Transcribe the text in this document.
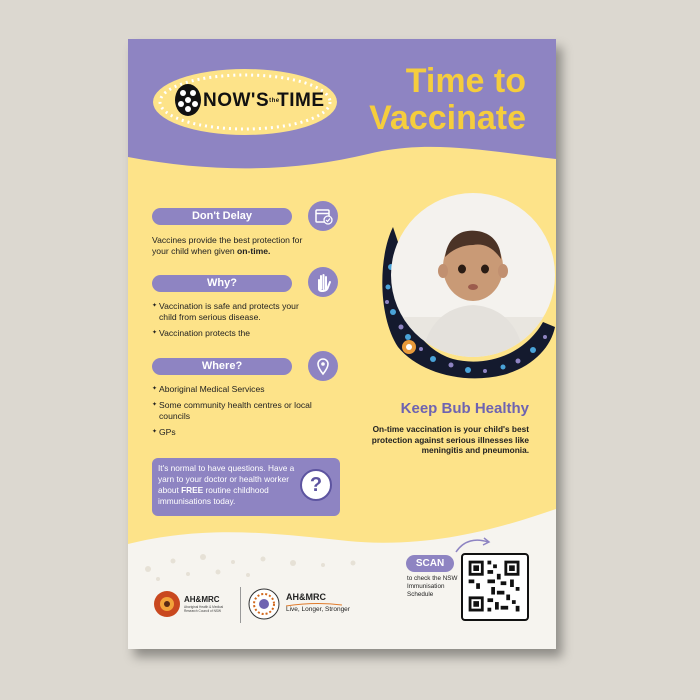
NOW'StheTIME
Time to
Vaccinate
Don't Delay
Vaccines provide the best protection for your child when given on-time.
Why?
✦ Vaccination is safe and protects your child from serious disease.
✦ Vaccination protects the
Where?
✦ Aboriginal Medical Services
✦ Some community health centres or local councils
✦ GPs
It's normal to have questions. Have a yarn to your doctor or health worker about FREE routine childhood immunisations today.
?
Keep Bub Healthy
On-time vaccination is your child's best protection against serious illnesses like meningitis and pneumonia.
SCAN
to check the NSW Immunisation Schedule
AH&MRC
Aboriginal Health & Medical Research Council of NSW
AH&MRC
Live, Longer, Stronger
